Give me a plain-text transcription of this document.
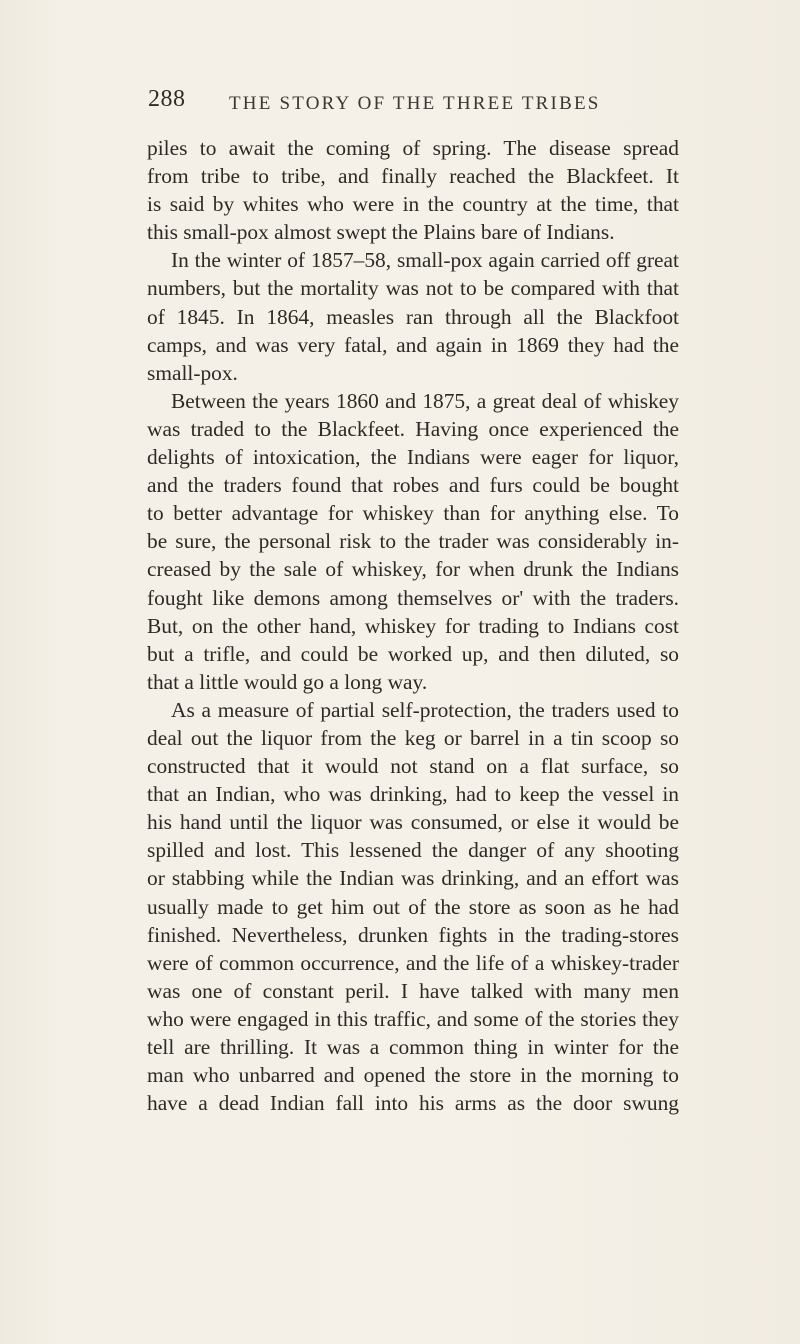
288 THE STORY OF THE THREE TRIBES
piles to await the coming of spring. The disease spread
from tribe to tribe, and finally reached the Blackfeet. It
is said by whites who were in the country at the time, that
this small-pox almost swept the Plains bare of Indians.
In the winter of 1857–58, small-pox again carried off great
numbers, but the mortality was not to be compared with that
of 1845. In 1864, measles ran through all the Blackfoot
camps, and was very fatal, and again in 1869 they had the
small-pox.
Between the years 1860 and 1875, a great deal of whiskey
was traded to the Blackfeet. Having once experienced the
delights of intoxication, the Indians were eager for liquor,
and the traders found that robes and furs could be bought
to better advantage for whiskey than for anything else. To
be sure, the personal risk to the trader was considerably in-
creased by the sale of whiskey, for when drunk the Indians
fought like demons among themselves or' with the traders.
But, on the other hand, whiskey for trading to Indians cost
but a trifle, and could be worked up, and then diluted, so
that a little would go a long way.
As a measure of partial self-protection, the traders used to
deal out the liquor from the keg or barrel in a tin scoop so
constructed that it would not stand on a flat surface, so
that an Indian, who was drinking, had to keep the vessel in
his hand until the liquor was consumed, or else it would be
spilled and lost. This lessened the danger of any shooting
or stabbing while the Indian was drinking, and an effort was
usually made to get him out of the store as soon as he had
finished. Nevertheless, drunken fights in the trading-stores
were of common occurrence, and the life of a whiskey-trader
was one of constant peril. I have talked with many men
who were engaged in this traffic, and some of the stories they
tell are thrilling. It was a common thing in winter for the
man who unbarred and opened the store in the morning to
have a dead Indian fall into his arms as the door swung
